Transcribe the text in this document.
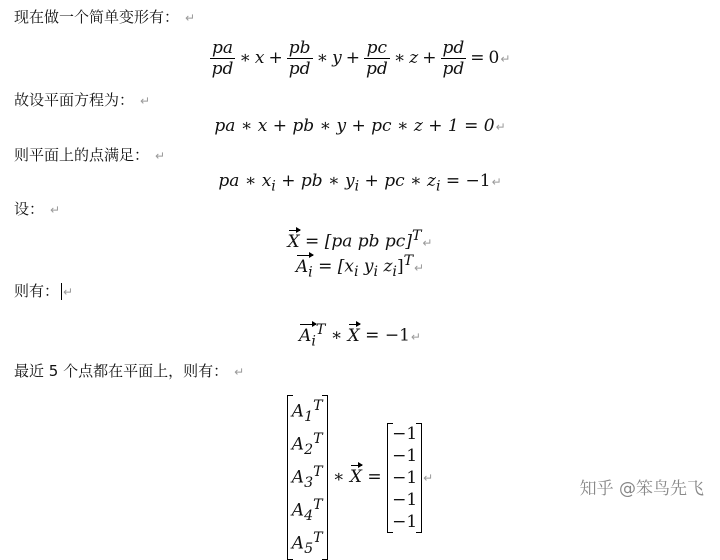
现在做一个简单变形有： ↵
$\frac{pa}{pd}$ ∗ $x + \frac{pb}{pd}$ ∗ $y + \frac{pc}{pd}$ ∗ $z + \frac{pd}{pd}$ = 0↵
故设平面方程为： ↵
pa ∗ x + pb ∗ y + pc ∗ z + 1 = 0↵
则平面上的点满足： ↵
pa ∗ $x_i$ + pb ∗ $y_i$ + pc ∗ $z_i$ = −1↵
设： ↵
X = [pa pb pc]$^T$↵
$A_i = [x_i$ $y_i$ $z_i]^T↵$
则有： ↵
$A_i^T$ ∗ X = −1↵
最近 5 个点都在平面上，则有： ↵
$A_1^T$
$A_2^T$
$A_3^T$
$A_4^T$
$A_5^T$
∗ X =
−1
−1
−1
−1
−1
↵
知乎 @笨鸟先飞
